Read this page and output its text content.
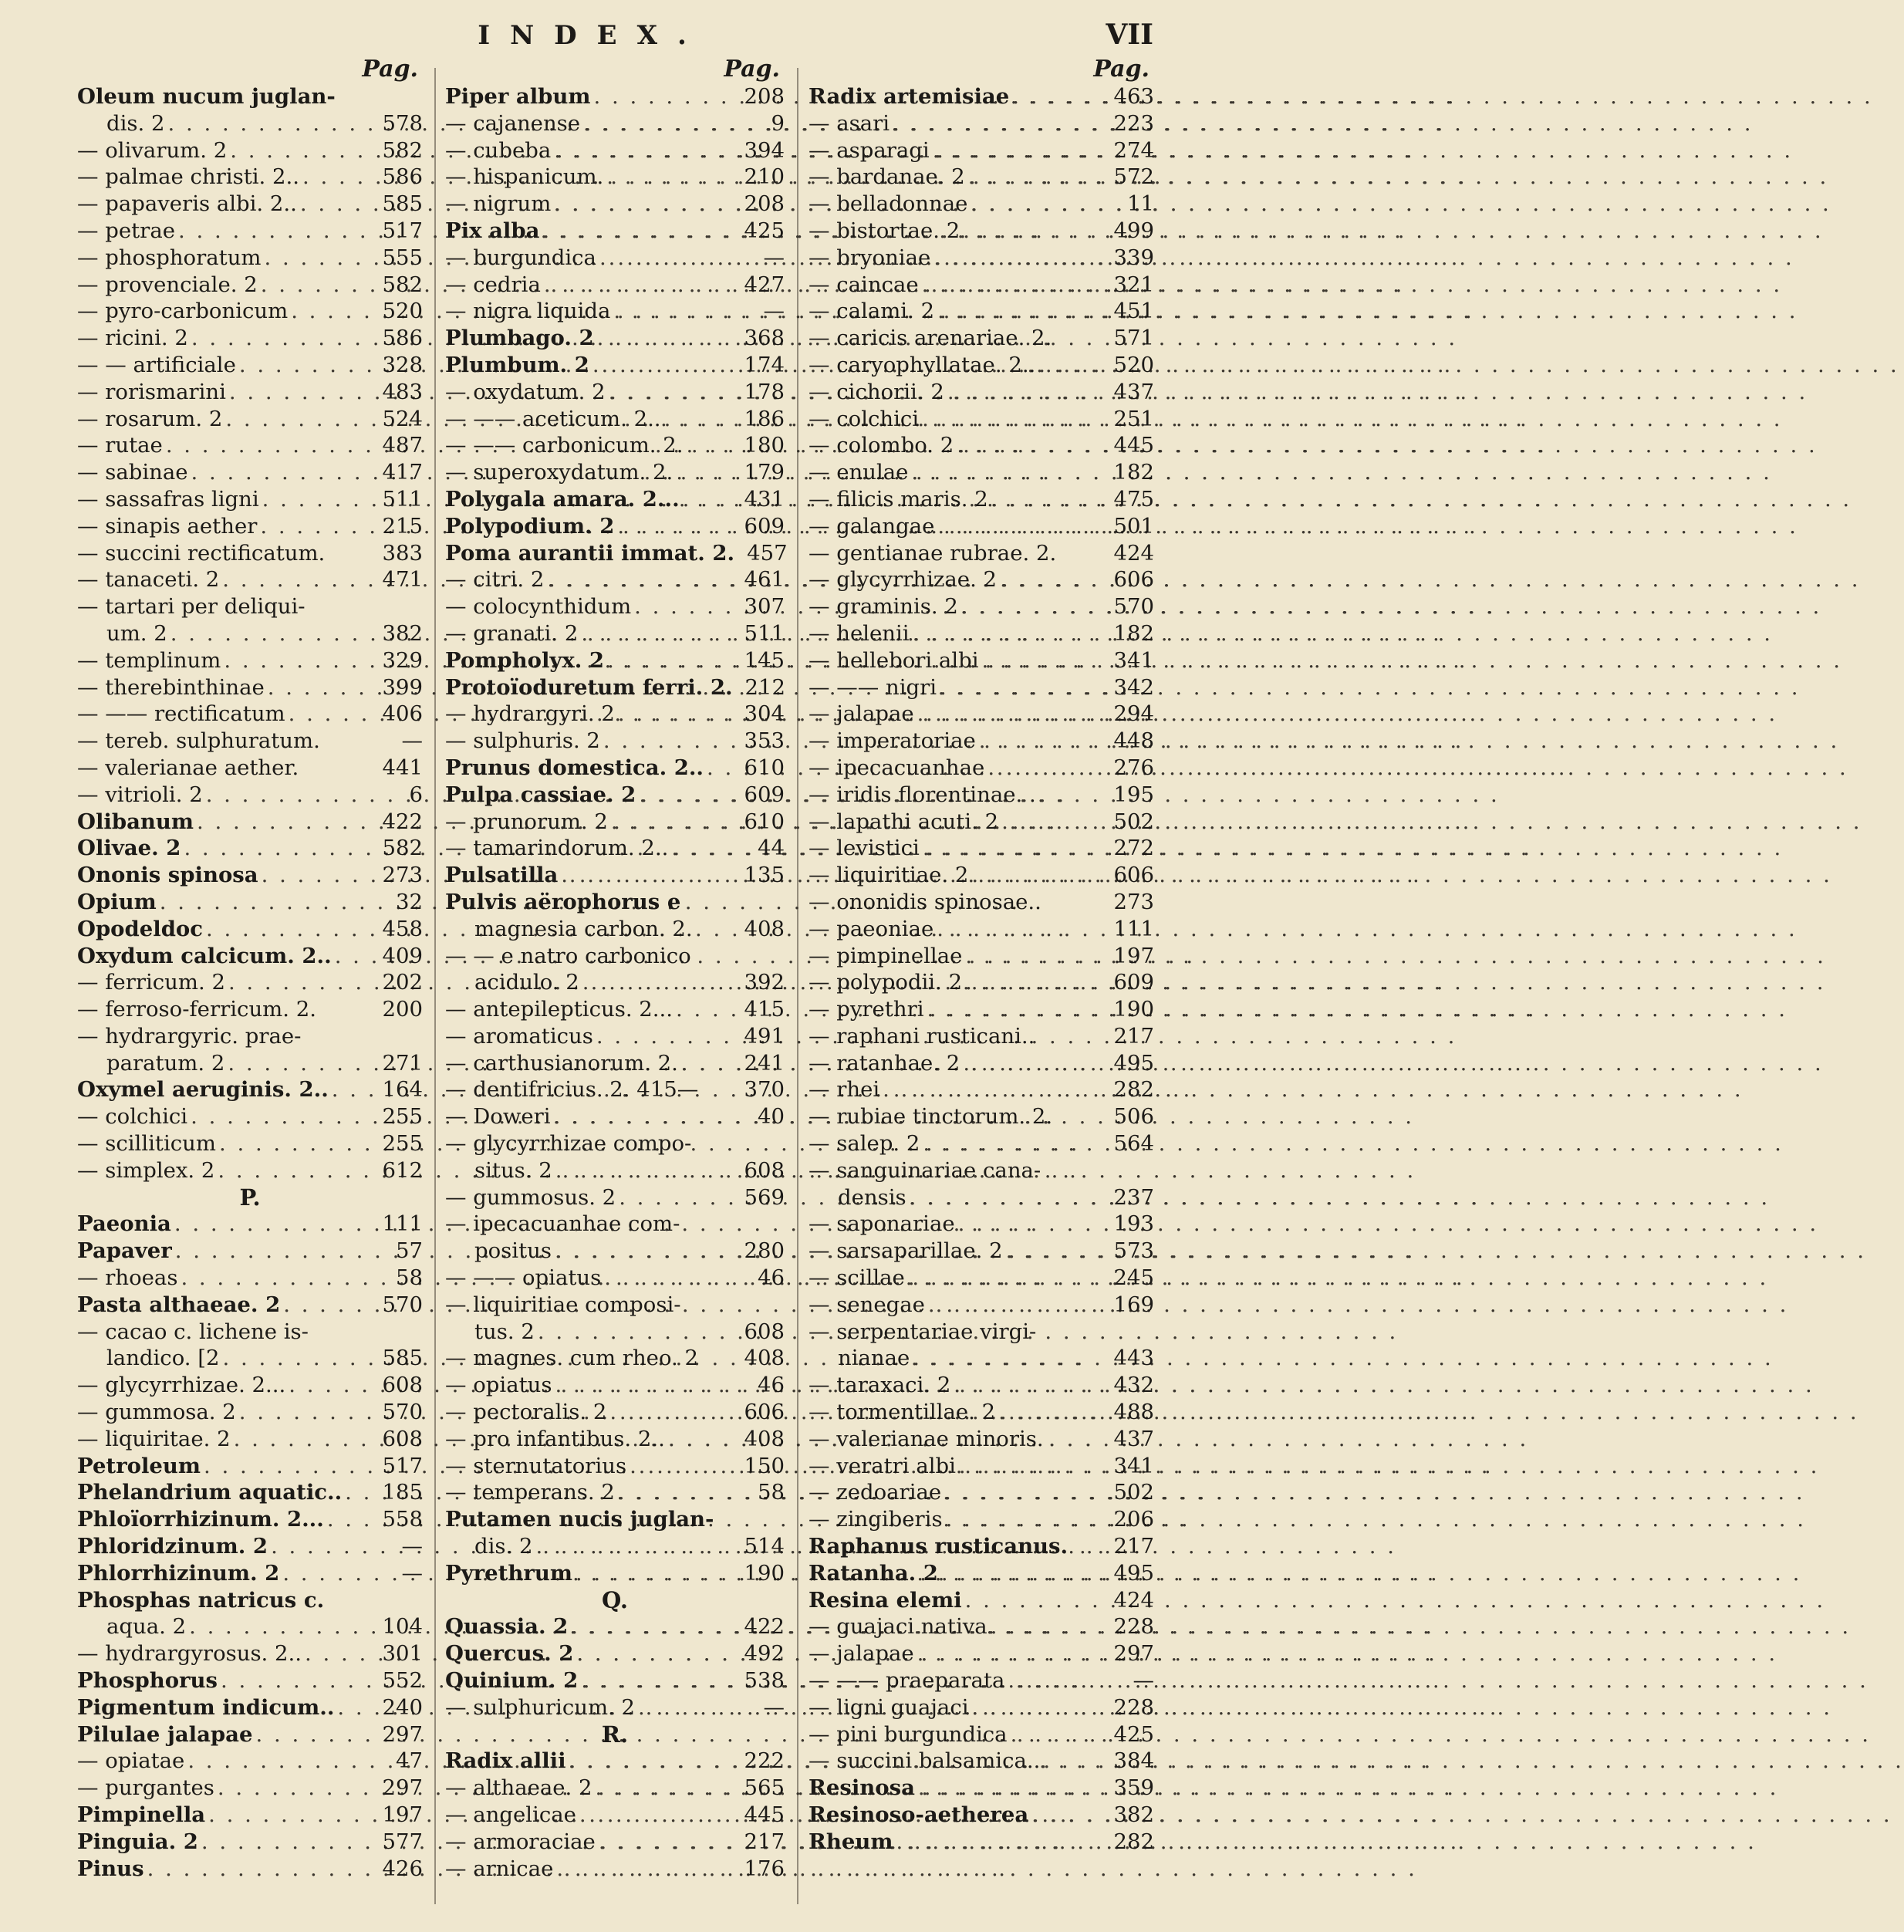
INDEX.	VII
Pag.
Oleum nucum juglan-
dis. 2 . . .	578
— olivarum. 2 . . .	582
— palmae christi. 2.. . . .	586
— papaveris albi. 2.. . . .	585
— petrae . . .	517
— phosphoratum . . .	555
— provenciale. 2 . . .	582
— pyro-carbonicum . . .	520
— ricini. 2 . . .	586
— — artificiale . . .	328
— rorismarini . . .	483
— rosarum. 2 . . .	524
— rutae . . .	487
— sabinae . . .	417
— sassafras ligni . . .	511
— sinapis aether . . .	215
— succini rectificatum.	383
— tanaceti. 2 . . .	471
— tartari per deliqui-
um. 2 . . .	382
— templinum . . .	329
— therebinthinae . . .	399
— —— rectificatum . . .	406
— tereb. sulphuratum.	—
— valerianae aether.	441
— vitrioli. 2 . . .	6
Olibanum . . .	422
Olivae. 2 . . .	582
Ononis spinosa . . .	273
Opium . . .	32
Opodeldoc . . .	458
Oxydum calcicum. 2.. . . . 409
— ferricum. 2 . . .	202
— ferroso-ferricum. 2.	200
— hydrargyric. prae-
paratum. 2 . . .	271
Oxymel aeruginis. 2.. . . .	164
— colchici . . .	255
— scilliticum . . .	255
— simplex. 2 . . .	612
P.
Paeonia . . .	111
Papaver . . .	57
— rhoeas . . .	58
Pasta althaeae. 2 . . .	570
— cacao c. lichene is-
landico. [2 . . .	585
— glycyrrhizae. 2... . . .	608
— gummosa. 2 . . .	570
— liquiritae. 2 . . .	608
Petroleum . . .	517
Phelandrium aquatic.. . . . 185
Phloïorrhizinum. 2... . . .	558
Phloridzinum. 2 . . .	—
Phlorrhizinum. 2 . . .	—
Phosphas natricus c.
aqua. 2 . . .	104
— hydrargyrosus. 2.. . . .	301
Phosphorus . . .	552
Pigmentum indicum.. . . . 240
Pilulae jalapae . . .	297
— opiatae . . .	47
— purgantes . . .	297
Pimpinella . . .	197
Pinguia. 2 . . .	577
Pinus . . .	426
Pag.
Piper album . . .	208
— cajanense . . .	9
— cubeba . . .	394
— hispanicum. . . .	210
— nigrum . . .	208
Pix alba . . .	425
— burgundica . . .	—
— cedria . . .	427
— nigra liquida . . .	—
Plumbago. 2 . . .	368
Plumbum. 2 . . .	174
— oxydatum. 2 . . .	178
— —— aceticum. 2.. . . .	186
— —— carbonicum. 2. . . .	180
— superoxydatum. 2. . . .	179
Polygala amara. 2... . . .	431
Polypodium. 2 . . .	609
Poma aurantii immat. 2. 457
— citri. 2 . . .	461
— colocynthidum . . .	307
— granati. 2 . . .	511
Pompholyx. 2 . . .	145
Protoïoduretum ferri. 2. 212
— hydrargyri. 2 . . .	304
— sulphuris. 2 . . .	353
Prunus domestica. 2.. . . . 610
Pulpa cassiae. 2 . . .	609
— prunorum. 2 . . .	610
— tamarindorum. 2.. . . .	44
Pulsatilla . . .	135
Pulvis aërophorus e
magnesia carbon. 2. 408
— — e natro carbonico
acidulo. 2 . . .	392
— antepilepticus. 2... . . .	415
— aromaticus . . .	491
— carthusianorum. 2. . . .	241
— dentifricius. 2. 415— 370
— Doweri . . .	40
— glycyrrhizae compo-
situs. 2 . . .	608
— gummosus. 2 . . .	569
— ipecacuanhae com-
positus . . .	280
— —— opiatus . . .	46
— liquiritiae composi-
tus. 2 . . .	608
— magnes. cum rheo. 2 408
— opiatus . . .	46
— pectoralis. 2 . . .	606
— pro infantibus. 2.. . . .	408
— sternutatorius . . .	150
— temperans. 2 . . .	58
Putamen nucis juglan-
dis. 2 . . .	514
Pyrethrum . . .	190
Q.
Quassia. 2 . . .	422
Quercus. 2 . . .	492
Quinium. 2 . . .	538
— sulphuricum. 2 . . .	—
R.
Radix allii . . .	222
— althaeae. 2 . . .	565
— angelicae . . .	445
— armoraciae . . .	217
— arnicae . . .	176
Pag.
Radix artemisiae . . .	463
— asari . . .	223
— asparagi . . .	274
— bardanae. 2 . . .	572
— belladonnae . . .	11
— bistortae. 2 . . .	499
— bryoniae . . .	339
— caincae . . .	321
— calami. 2 . . .	451
— caricis arenariae. 2.	571
— caryophyllatae. 2.. . . .	520
— cichorii. 2 . . .	437
— colchici . . .	251
— colombo. 2 . . .	445
— enulae . . .	182
— filicis maris. 2 . . .	475
— galangae . . .	501
— gentianae rubrae. 2.	424
— glycyrrhizae. 2 . . .	606
— graminis. 2 . . .	570
— helenii . . .	182
— hellebori albi . . .	341
— —— nigri . . .	342
— jalapae . . .	294
— imperatoriae . . .	448
— ipecacuanhae . . .	276
— iridis florentinae. .	195
— lapathi acuti. 2 . . .	502
— levistici . . .	272
— liquiritiae. 2 . . .	606
— ononidis spinosae..	273
— paeoniae . . .	111
— pimpinellae . . .	197
— polypodii. 2 . . .	609
— pyrethri . . .	190
— raphani rusticani..	217
— ratanhae. 2 . . .	495
— rhei . . .	282
— rubiae tinctorum. 2.	506
— salep. 2 . . .	564
— sanguinariae cana-
densis . . .	237
— saponariae . . .	193
— sarsaparillae. 2 . . .	573
— scillae . . .	245
— senegae . . .	169
— serpentariae virgi-
nianae . . .	443
— taraxaci. 2 . . .	432
— tormentillae. 2 . . .	488
— valerianae minoris.	437
— veratri albi . . .	341
— zedoariae . . .	502
— zingiberis . . .	206
Raphanus rusticanus. 217
Ratanha. 2 . . .	495
Resina elemi . . .	424
— guajaci nativa . . .	228
— jalapae . . .	297
— —— praeparata . . .	—
— ligni guajaci . . .	228
— pini burgundica . . .	425
— succini balsamica.. . . .	384
Resinosa . . .	359
Resinoso-aetherea . . .	382
Rheum . . .	282
